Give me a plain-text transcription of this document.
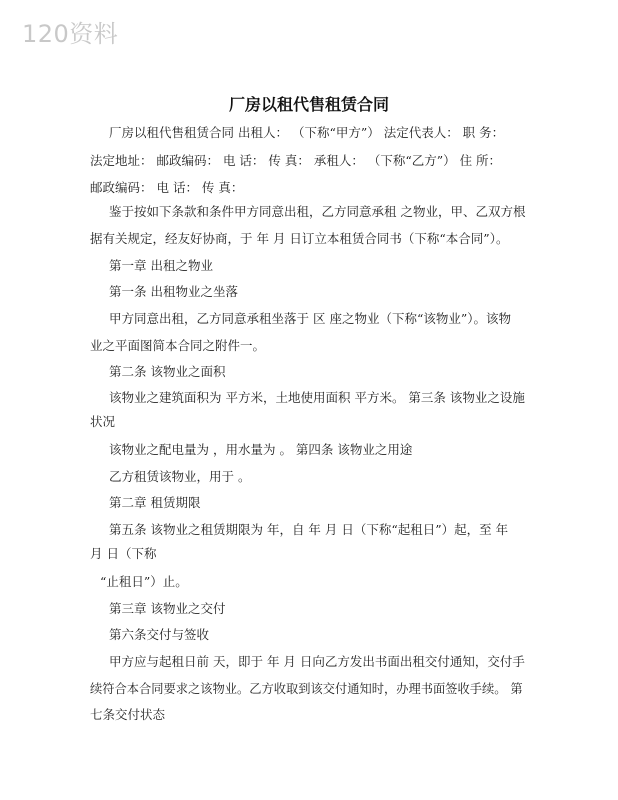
120资料
厂房以租代售租赁合同
厂房以租代售租赁合同 出租人： （下称“甲方”） 法定代表人： 职 务：
法定地址： 邮政编码： 电 话： 传 真： 承租人： （下称“乙方”） 住 所：
邮政编码： 电 话： 传 真：
鉴于按如下条款和条件甲方同意出租，乙方同意承租 之物业，甲、乙双方根
据有关规定，经友好协商，于 年 月 日订立本租赁合同书（下称“本合同”）。
第一章 出租之物业
第一条 出租物业之坐落
甲方同意出租，乙方同意承租坐落于 区 座之物业（下称“该物业”）。该物
业之平面图简本合同之附件一。
第二条 该物业之面积
该物业之建筑面积为 平方米，土地使用面积 平方米。 第三条 该物业之设施
状况
该物业之配电量为 ，用水量为 。 第四条 该物业之用途
乙方租赁该物业，用于 。
第二章 租赁期限
第五条 该物业之租赁期限为 年，自 年 月 日（下称“起租日”）起，至 年
月 日（下称
“止租日”）止。
第三章 该物业之交付
第六条交付与签收
甲方应与起租日前 天，即于 年 月 日向乙方发出书面出租交付通知，交付手
续符合本合同要求之该物业。乙方收取到该交付通知时，办理书面签收手续。 第
七条交付状态
